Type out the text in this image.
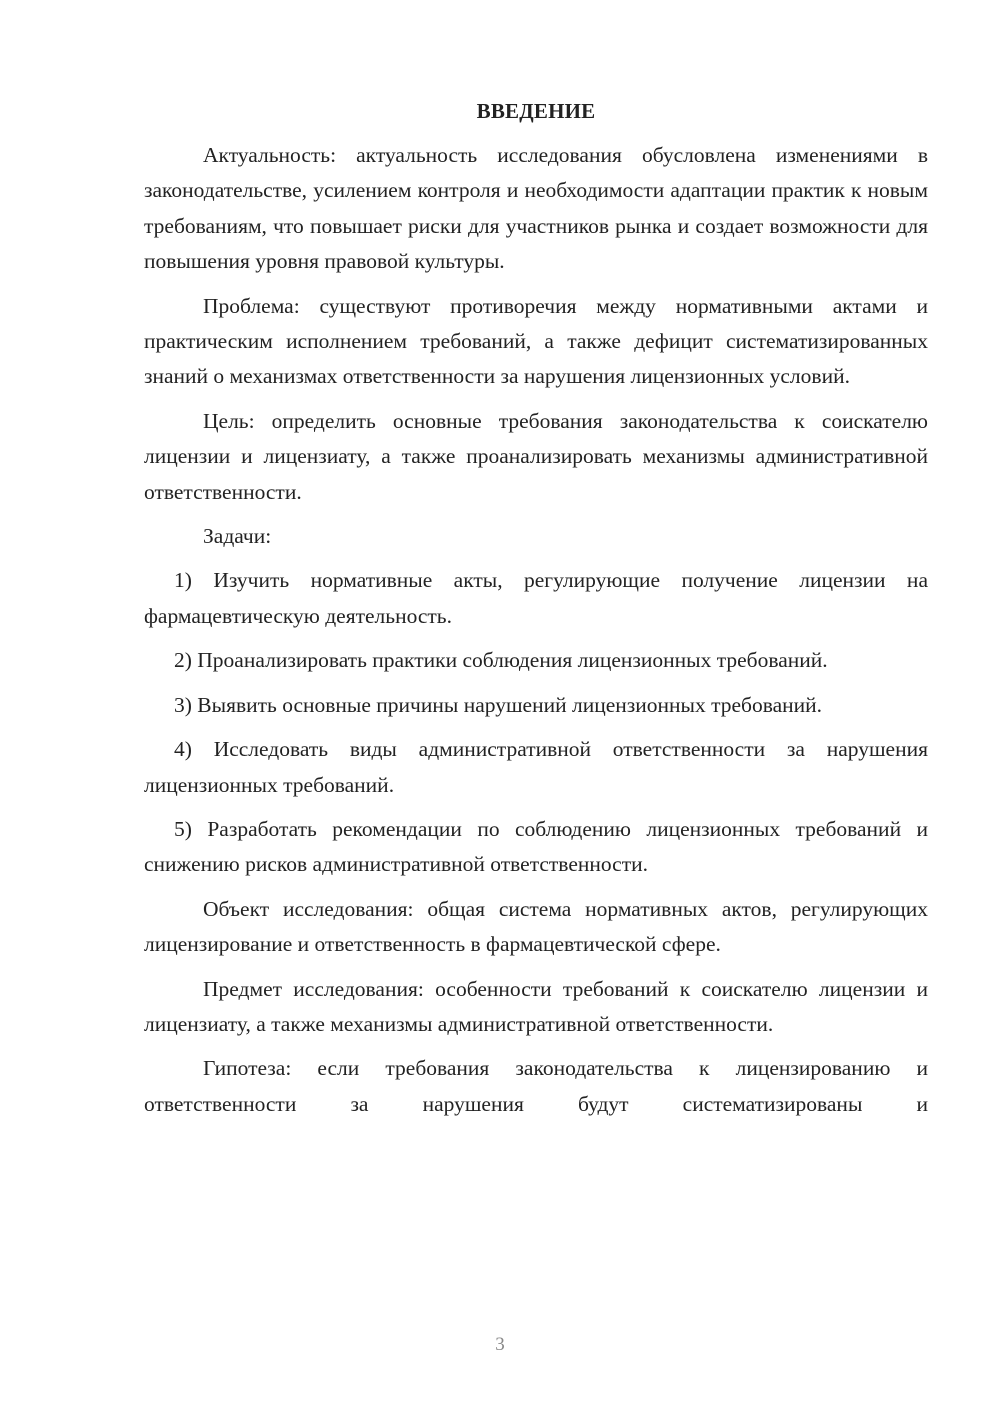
ВВЕДЕНИЕ

Актуальность: актуальность исследования обусловлена изменениями в законодательстве, усилением контроля и необходимости адаптации практик к новым требованиям, что повышает риски для участников рынка и создает возможности для повышения уровня правовой культуры.

Проблема: существуют противоречия между нормативными актами и практическим исполнением требований, а также дефицит систематизированных знаний о механизмах ответственности за нарушения лицензионных условий.

Цель: определить основные требования законодательства к соискателю лицензии и лицензиату, а также проанализировать механизмы административной ответственности.

Задачи:

1) Изучить нормативные акты, регулирующие получение лицензии на фармацевтическую деятельность.

2) Проанализировать практики соблюдения лицензионных требований.

3) Выявить основные причины нарушений лицензионных требований.

4) Исследовать виды административной ответственности за нарушения лицензионных требований.

5) Разработать рекомендации по соблюдению лицензионных требований и снижению рисков административной ответственности.

Объект исследования: общая система нормативных актов, регулирующих лицензирование и ответственность в фармацевтической сфере.

Предмет исследования: особенности требований к соискателю лицензии и лицензиату, а также механизмы административной ответственности.

Гипотеза: если требования законодательства к лицензированию и ответственности за нарушения будут систематизированы и

3
